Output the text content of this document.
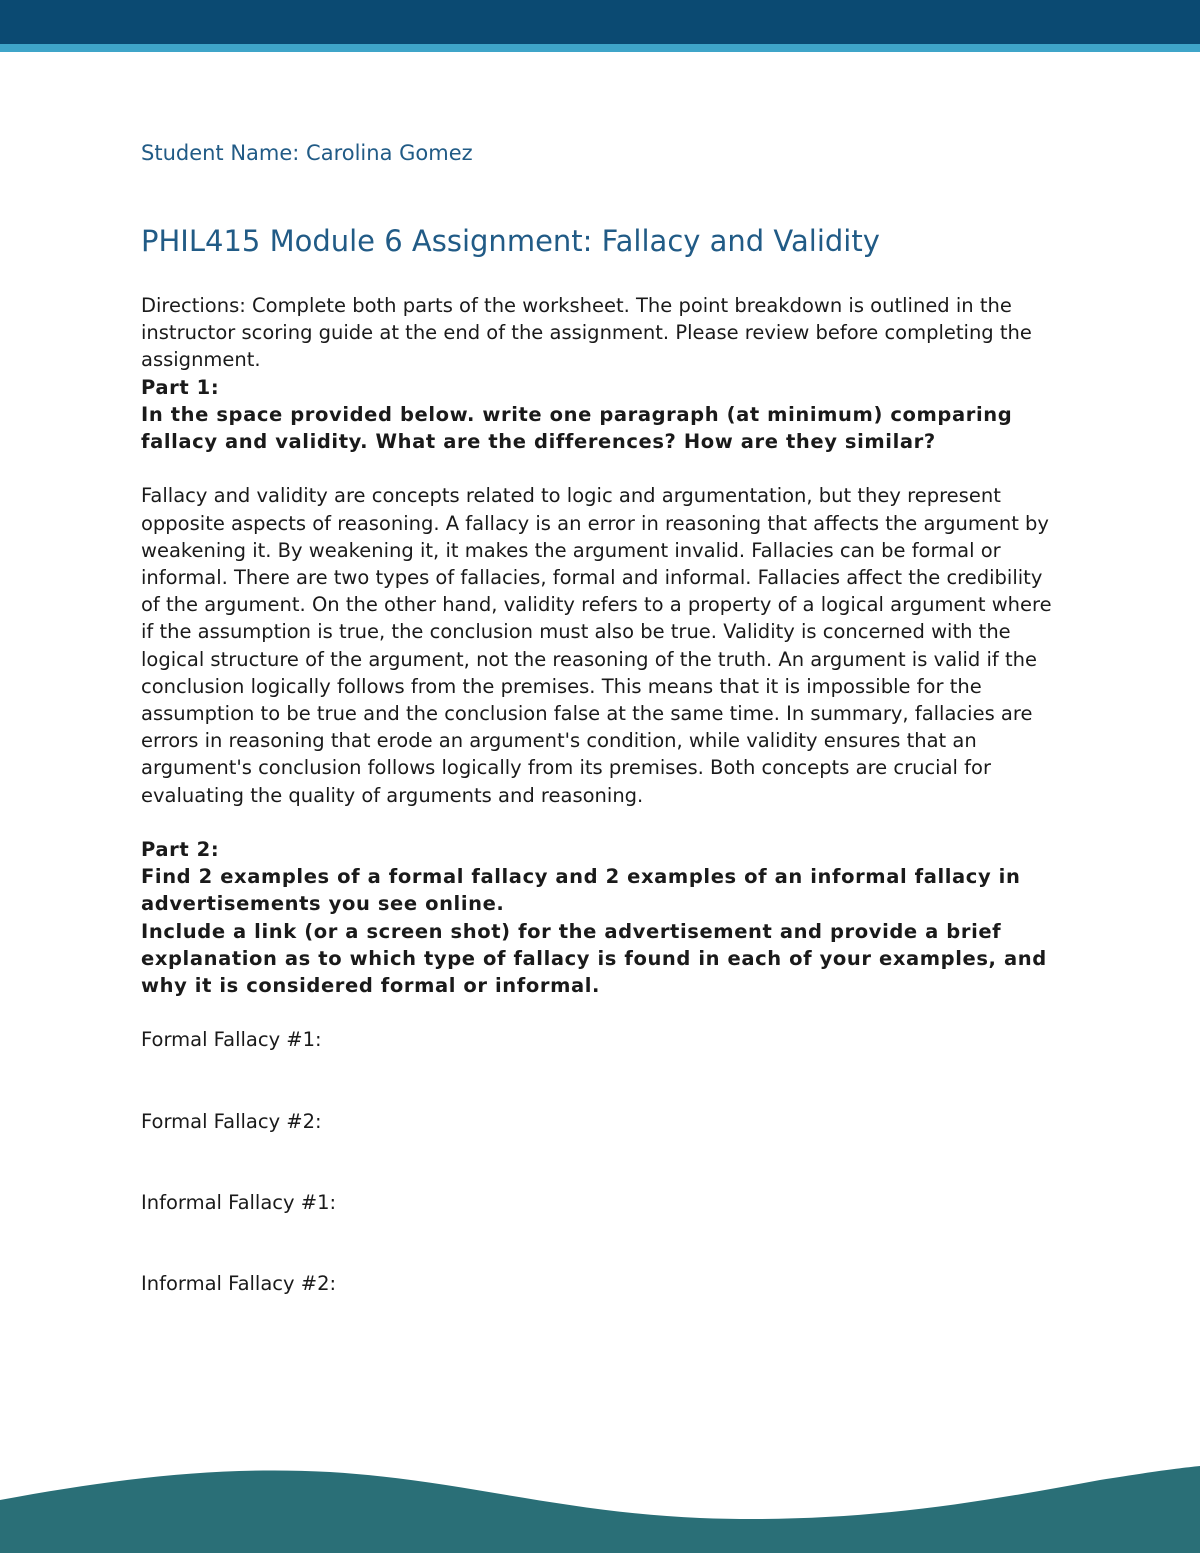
Student Name: Carolina Gomez
PHIL415 Module 6 Assignment: Fallacy and Validity

Directions: Complete both parts of the worksheet. The point breakdown is outlined in the instructor scoring guide at the end of the assignment. Please review before completing the assignment.

Part 1:

In the space provided below. write one paragraph (at minimum) comparing fallacy and validity. What are the differences? How are they similar?

Fallacy and validity are concepts related to logic and argumentation, but they represent opposite aspects of reasoning. A fallacy is an error in reasoning that affects the argument by weakening it. By weakening it, it makes the argument invalid. Fallacies can be formal or informal. There are two types of fallacies, formal and informal. Fallacies affect the credibility of the argument. On the other hand, validity refers to a property of a logical argument where if the assumption is true, the conclusion must also be true. Validity is concerned with the logical structure of the argument, not the reasoning of the truth. An argument is valid if the conclusion logically follows from the premises. This means that it is impossible for the assumption to be true and the conclusion false at the same time. In summary, fallacies are errors in reasoning that erode an argument's condition, while validity ensures that an argument's conclusion follows logically from its premises. Both concepts are crucial for evaluating the quality of arguments and reasoning.

Part 2:

Find 2 examples of a formal fallacy and 2 examples of an informal fallacy in advertisements you see online.

Include a link (or a screen shot) for the advertisement and provide a brief explanation as to which type of fallacy is found in each of your examples, and why it is considered formal or informal.

Formal Fallacy #1:

Formal Fallacy #2:

Informal Fallacy #1:

Informal Fallacy #2:
